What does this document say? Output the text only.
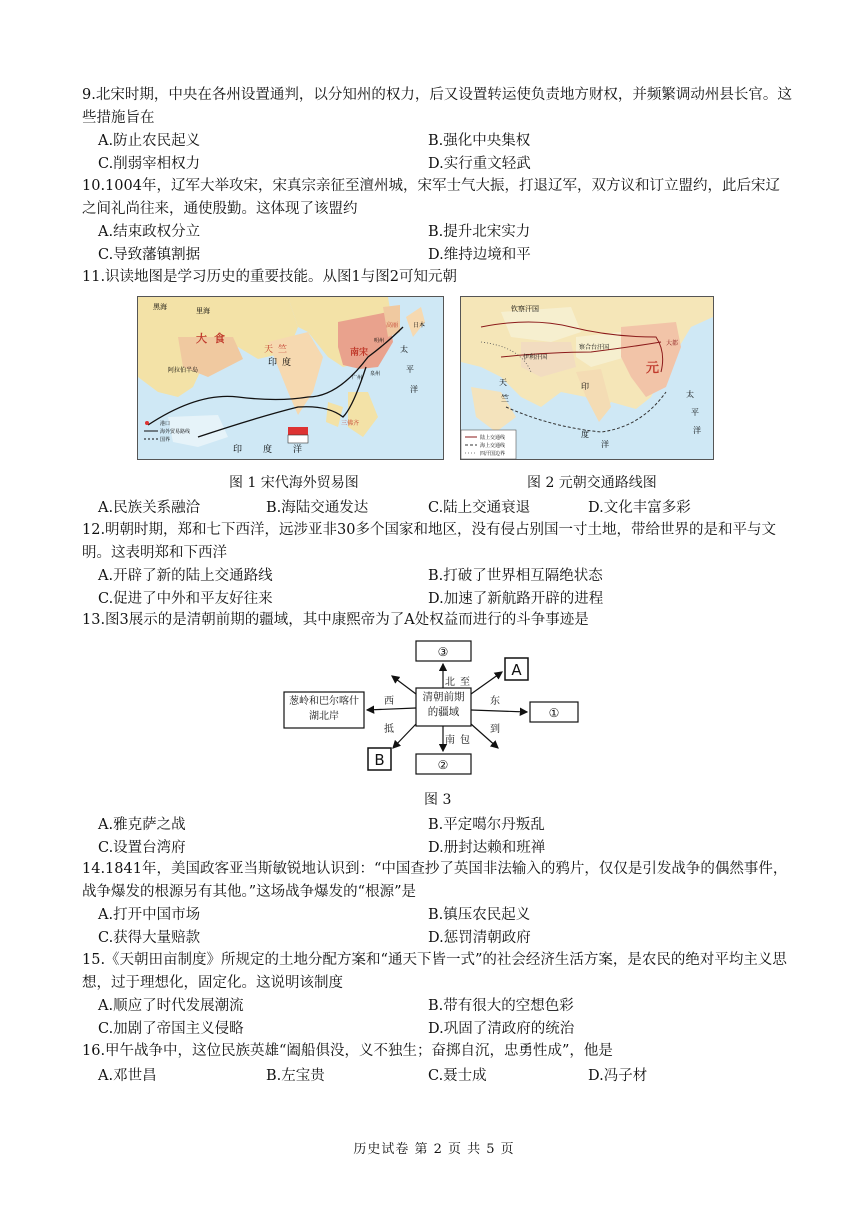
9.北宋时期，中央在各州设置通判，以分知州的权力，后又设置转运使负责地方财权，并频繁调动州县长官。这些措施旨在
A.防止农民起义	B.强化中央集权
C.削弱宰相权力	D.实行重文轻武
10.1004年，辽军大举攻宋，宋真宗亲征至澶州城，宋军士气大振，打退辽军，双方议和订立盟约，此后宋辽之间礼尚往来，通使殷勤。这体现了该盟约
A.结束政权分立	B.提升北宋实力
C.导致藩镇割据	D.维持边境和平
11.识读地图是学习历史的重要技能。从图1与图2可知元朝
港口
海外贸易路线
国界
黑海	里海
大 食
阿拉伯半岛
天 竺
印 度
南宋
高丽 日本
太
平
洋
印 度 洋
三佛齐
泉州
明州
广州
图 1 宋代海外贸易图
陆上交通线
海上交通线
四汗国边界
钦察汗国
伊利汗国
察合台汗国
大都
元
天
竺
印
度
洋
太
平
洋
图 2 元朝交通路线图
A.民族关系融洽	B.海陆交通发达	C.陆上交通衰退	D.文化丰富多彩
12.明朝时期，郑和七下西洋，远涉亚非30多个国家和地区，没有侵占别国一寸土地，带给世界的是和平与文明。这表明郑和下西洋
A.开辟了新的陆上交通路线	B.打破了世界相互隔绝状态
C.促进了中外和平友好往来	D.加速了新航路开辟的进程
13.图3展示的是清朝前期的疆域，其中康熙帝为了A处权益而进行的斗争事迹是
③
A
①
B	②
清朝前期的疆域
葱岭和巴尔喀什湖北岸
北至
南包
东到
西抵
图 3
A.雅克萨之战	B.平定噶尔丹叛乱
C.设置台湾府	D.册封达赖和班禅
14.1841年，美国政客亚当斯敏锐地认识到：“中国查抄了英国非法输入的鸦片，仅仅是引发战争的偶然事件，战争爆发的根源另有其他。”这场战争爆发的“根源”是
A.打开中国市场	B.镇压农民起义
C.获得大量赔款	D.惩罚清朝政府
15.《天朝田亩制度》所规定的土地分配方案和“通天下皆一式”的社会经济生活方案，是农民的绝对平均主义思想，过于理想化，固定化。这说明该制度
A.顺应了时代发展潮流	B.带有很大的空想色彩
C.加剧了帝国主义侵略	D.巩固了清政府的统治
16.甲午战争中，这位民族英雄“阖船俱没，义不独生；奋掷自沉，忠勇性成”，他是
A.邓世昌	B.左宝贵	C.聂士成	D.冯子材
历史试卷 第 2 页 共 5 页
